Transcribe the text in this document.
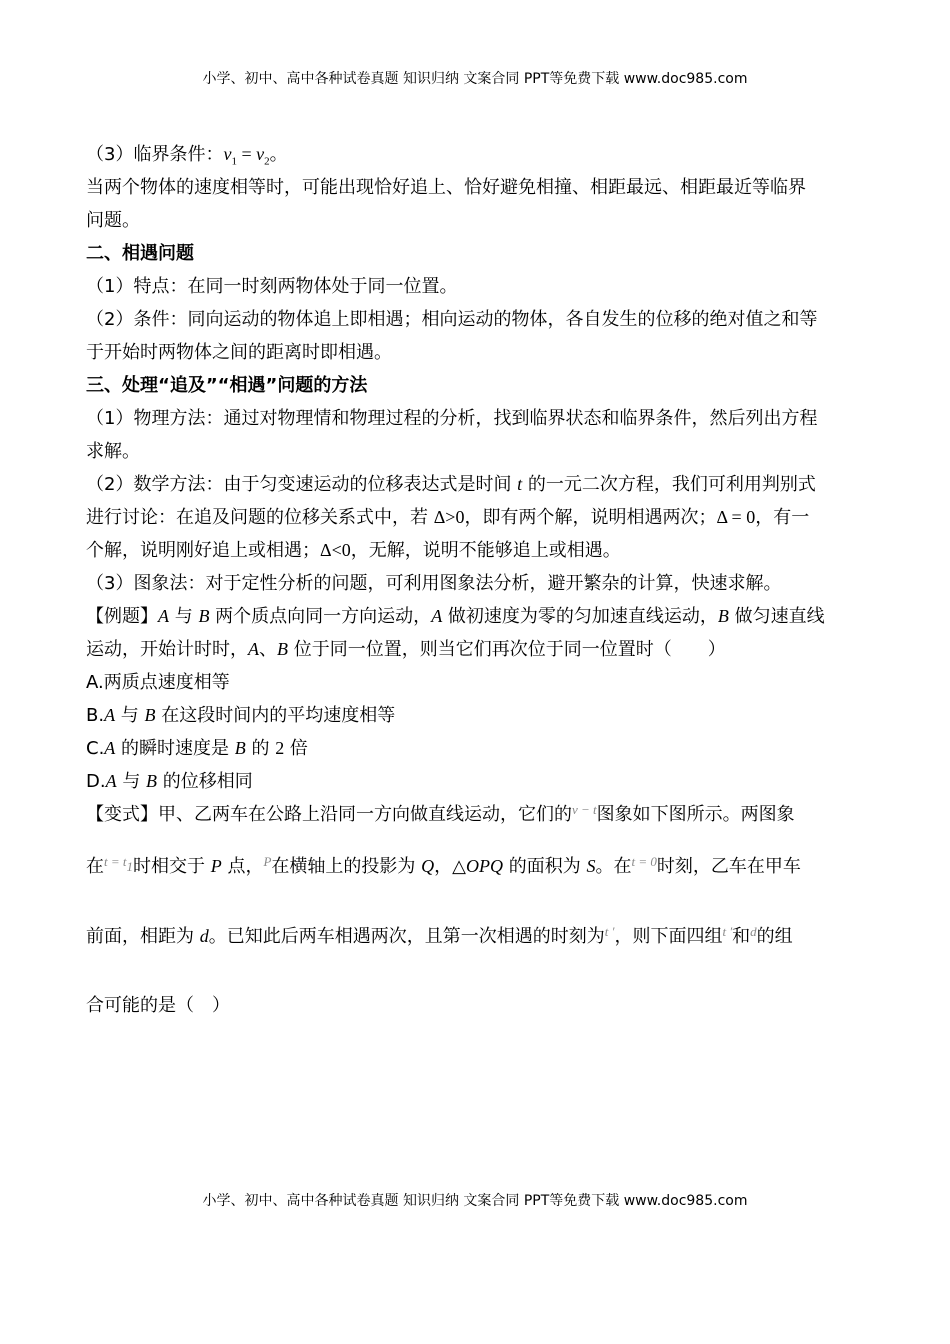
小学、初中、高中各种试卷真题 知识归纳 文案合同 PPT等免费下载 www.doc985.com
（3）临界条件：$v_1 = v_2$。
当两个物体的速度相等时，可能出现恰好追上、恰好避免相撞、相距最远、相距最近等临界
问题。
二、相遇问题
（1）特点：在同一时刻两物体处于同一位置。
（2）条件：同向运动的物体追上即相遇；相向运动的物体，各自发生的位移的绝对值之和等
于开始时两物体之间的距离时即相遇。
三、处理“追及”“相遇”问题的方法
（1）物理方法：通过对物理情和物理过程的分析，找到临界状态和临界条件，然后列出方程
求解。
（2）数学方法：由于匀变速运动的位移表达式是时间 t 的一元二次方程，我们可利用判别式
进行讨论：在追及问题的位移关系式中，若 Δ>0，即有两个解，说明相遇两次；Δ = 0，有一
个解，说明刚好追上或相遇；Δ<0，无解，说明不能够追上或相遇。
（3）图象法：对于定性分析的问题，可利用图象法分析，避开繁杂的计算，快速求解。
【例题】A 与 B 两个质点向同一方向运动，A 做初速度为零的匀加速直线运动，B 做匀速直线
运动，开始计时时，A、B 位于同一位置，则当它们再次位于同一位置时（　　）
A.两质点速度相等
B.A 与 B 在这段时间内的平均速度相等
C.A 的瞬时速度是 B 的 2 倍
D.A 与 B 的位移相同
【变式】甲、乙两车在公路上沿同一方向做直线运动，它们的$^{v - t}$图象如下图所示。两图象
在$^{t = t}_1$时相交于 P 点，$^P$在横轴上的投影为 Q，△OPQ 的面积为 S。在$^{t = 0}$时刻，乙车在甲车
前面，相距为 d。已知此后两车相遇两次，且第一次相遇的时刻为$^{t '}$，则下面四组$^{t '}$和$^d$的组
合可能的是（　）
小学、初中、高中各种试卷真题 知识归纳 文案合同 PPT等免费下载 www.doc985.com
